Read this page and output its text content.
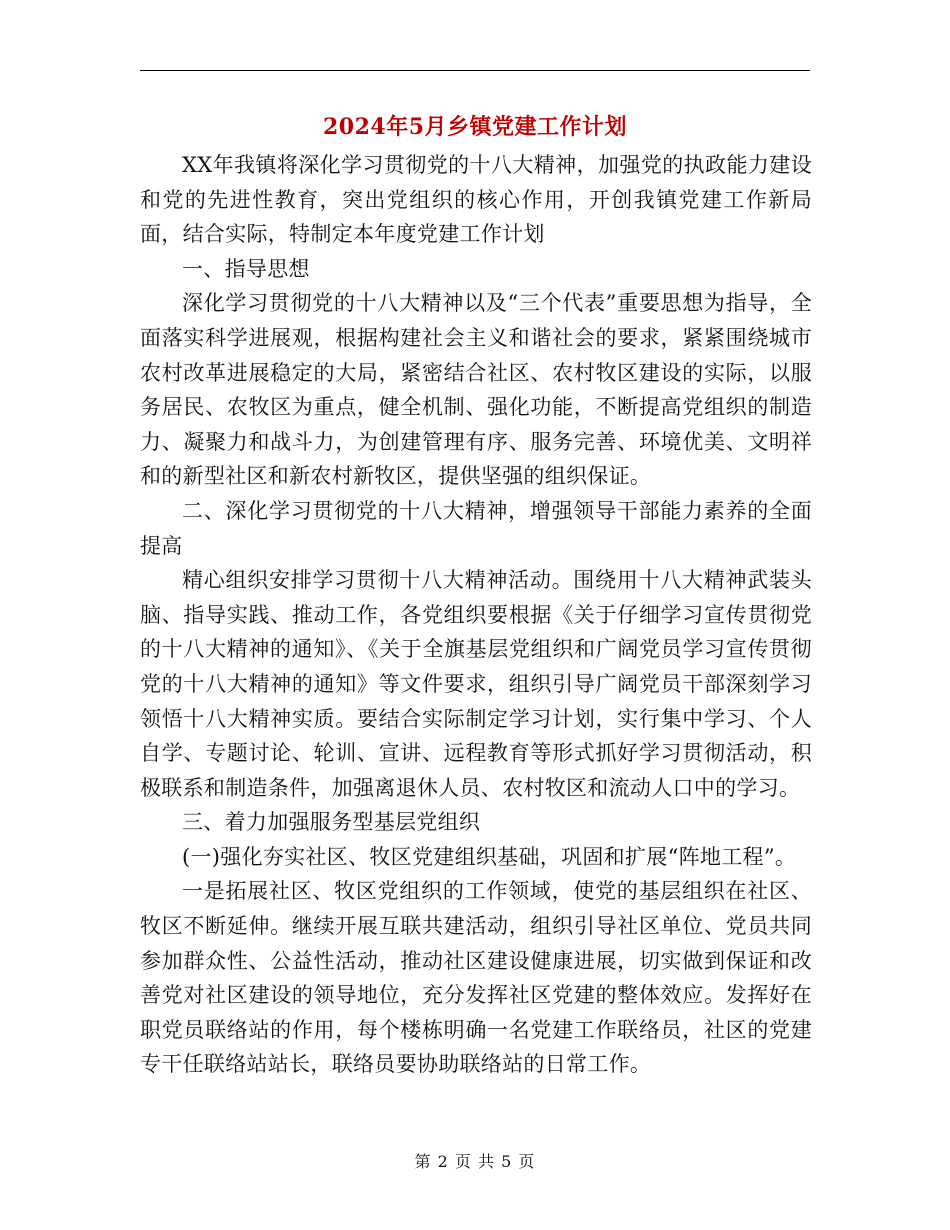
2024年5月乡镇党建工作计划

XX年我镇将深化学习贯彻党的十八大精神，加强党的执政能力建设和党的先进性教育，突出党组织的核心作用，开创我镇党建工作新局面，结合实际，特制定本年度党建工作计划

一、指导思想

深化学习贯彻党的十八大精神以及“三个代表”重要思想为指导，全面落实科学进展观，根据构建社会主义和谐社会的要求，紧紧围绕城市农村改革进展稳定的大局，紧密结合社区、农村牧区建设的实际，以服务居民、农牧区为重点，健全机制、强化功能，不断提高党组织的制造力、凝聚力和战斗力，为创建管理有序、服务完善、环境优美、文明祥和的新型社区和新农村新牧区，提供坚强的组织保证。

二、深化学习贯彻党的十八大精神，增强领导干部能力素养的全面提高

精心组织安排学习贯彻十八大精神活动。围绕用十八大精神武装头脑、指导实践、推动工作，各党组织要根据《关于仔细学习宣传贯彻党的十八大精神的通知》、《关于全旗基层党组织和广阔党员学习宣传贯彻党的十八大精神的通知》等文件要求，组织引导广阔党员干部深刻学习领悟十八大精神实质。要结合实际制定学习计划，实行集中学习、个人自学、专题讨论、轮训、宣讲、远程教育等形式抓好学习贯彻活动，积极联系和制造条件，加强离退休人员、农村牧区和流动人口中的学习。

三、着力加强服务型基层党组织

(一)强化夯实社区、牧区党建组织基础，巩固和扩展“阵地工程”。

一是拓展社区、牧区党组织的工作领域，使党的基层组织在社区、牧区不断延伸。继续开展互联共建活动，组织引导社区单位、党员共同参加群众性、公益性活动，推动社区建设健康进展，切实做到保证和改善党对社区建设的领导地位，充分发挥社区党建的整体效应。发挥好在职党员联络站的作用，每个楼栋明确一名党建工作联络员，社区的党建专干任联络站站长，联络员要协助联络站的日常工作。

第 2 页 共 5 页
